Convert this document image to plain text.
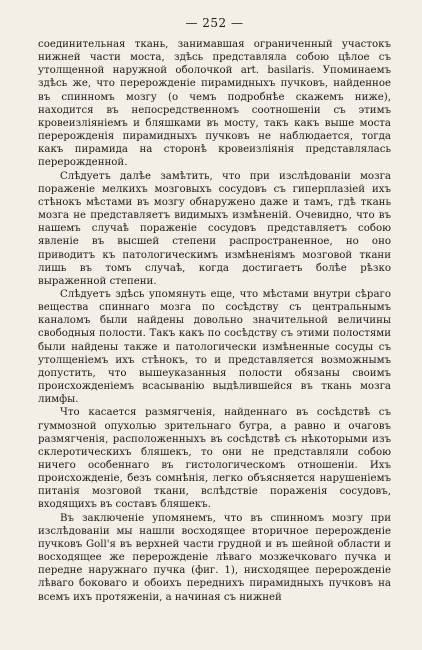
— 252 —

соединительная ткань, занимавшая ограниченный участокъ нижней части моста, здѣсь представляла собою цѣлое съ утолщенной наружной оболочкой art. basilaris. Упоминаемъ здѣсь же, что перерожденіе пирамидныхъ пучковъ, найденное въ спинномъ мозгу (о чемъ подробнѣе скажемъ ниже), находится въ непосредственномъ соотношеніи съ этимъ кровеизліяніемъ и бляшками въ мосту, такъ какъ выше моста перерожденія пирамидныхъ пучковъ не наблюдается, тогда какъ пирамида на сторонѣ кровеизліянія представлялась перерожденной.

Слѣдуетъ далѣе замѣтить, что при изслѣдованіи мозга пораженіе мелкихъ мозговыхъ сосудовъ съ гиперплазіей ихъ стѣнокъ мѣстами въ мозгу обнаружено даже и тамъ, гдѣ ткань мозга не представляетъ видимыхъ измѣненій. Очевидно, что въ нашемъ случаѣ пораженіе сосудовъ представляетъ собою явленіе въ высшей степени распространенное, но оно приводитъ къ патологическимъ измѣненіямъ мозговой ткани лишь въ томъ случаѣ, когда достигаетъ болѣе рѣзко выраженной степени.

Слѣдуетъ здѣсь упомянуть еще, что мѣстами внутри сѣраго вещества спиннаго мозга по сосѣдству съ центральнымъ каналомъ были найдены довольно значительной величины свободныя полости. Такъ какъ по сосѣдству съ этими полостями были найдены также и патологически измѣненные сосуды съ утолщеніемъ ихъ стѣнокъ, то и представляется возможнымъ допустить, что вышеуказанныя полости обязаны своимъ происхожденіемъ всасыванію выдѣлившейся въ ткань мозга лимфы.

Что касается размягченія, найденнаго въ сосѣдствѣ съ гуммозной опухолью зрительнаго бугра, а равно и очаговъ размягченія, расположенныхъ въ сосѣдствѣ съ нѣкоторыми изъ склеротическихъ бляшекъ, то они не представляли собою ничего особеннаго въ гистологическомъ отношеніи. Ихъ происхожденіе, безъ сомнѣнія, легко объясняется нарушеніемъ питанія мозговой ткани, вслѣдствіе пораженія сосудовъ, входящихъ въ составъ бляшекъ.

Въ заключеніе упомянемъ, что въ спинномъ мозгу при изслѣдованіи мы нашли восходящее вторичное перерожденіе пучковъ Goll'я въ верхней части грудной и въ шейной области и восходящее же перерожденіе лѣваго мозжечковаго пучка и передне наружнаго пучка (фиг. 1), нисходящее перерожденіе лѣваго боковаго и обоихъ переднихъ пирамидныхъ пучковъ на всемъ ихъ протяженіи, а начиная съ нижней
